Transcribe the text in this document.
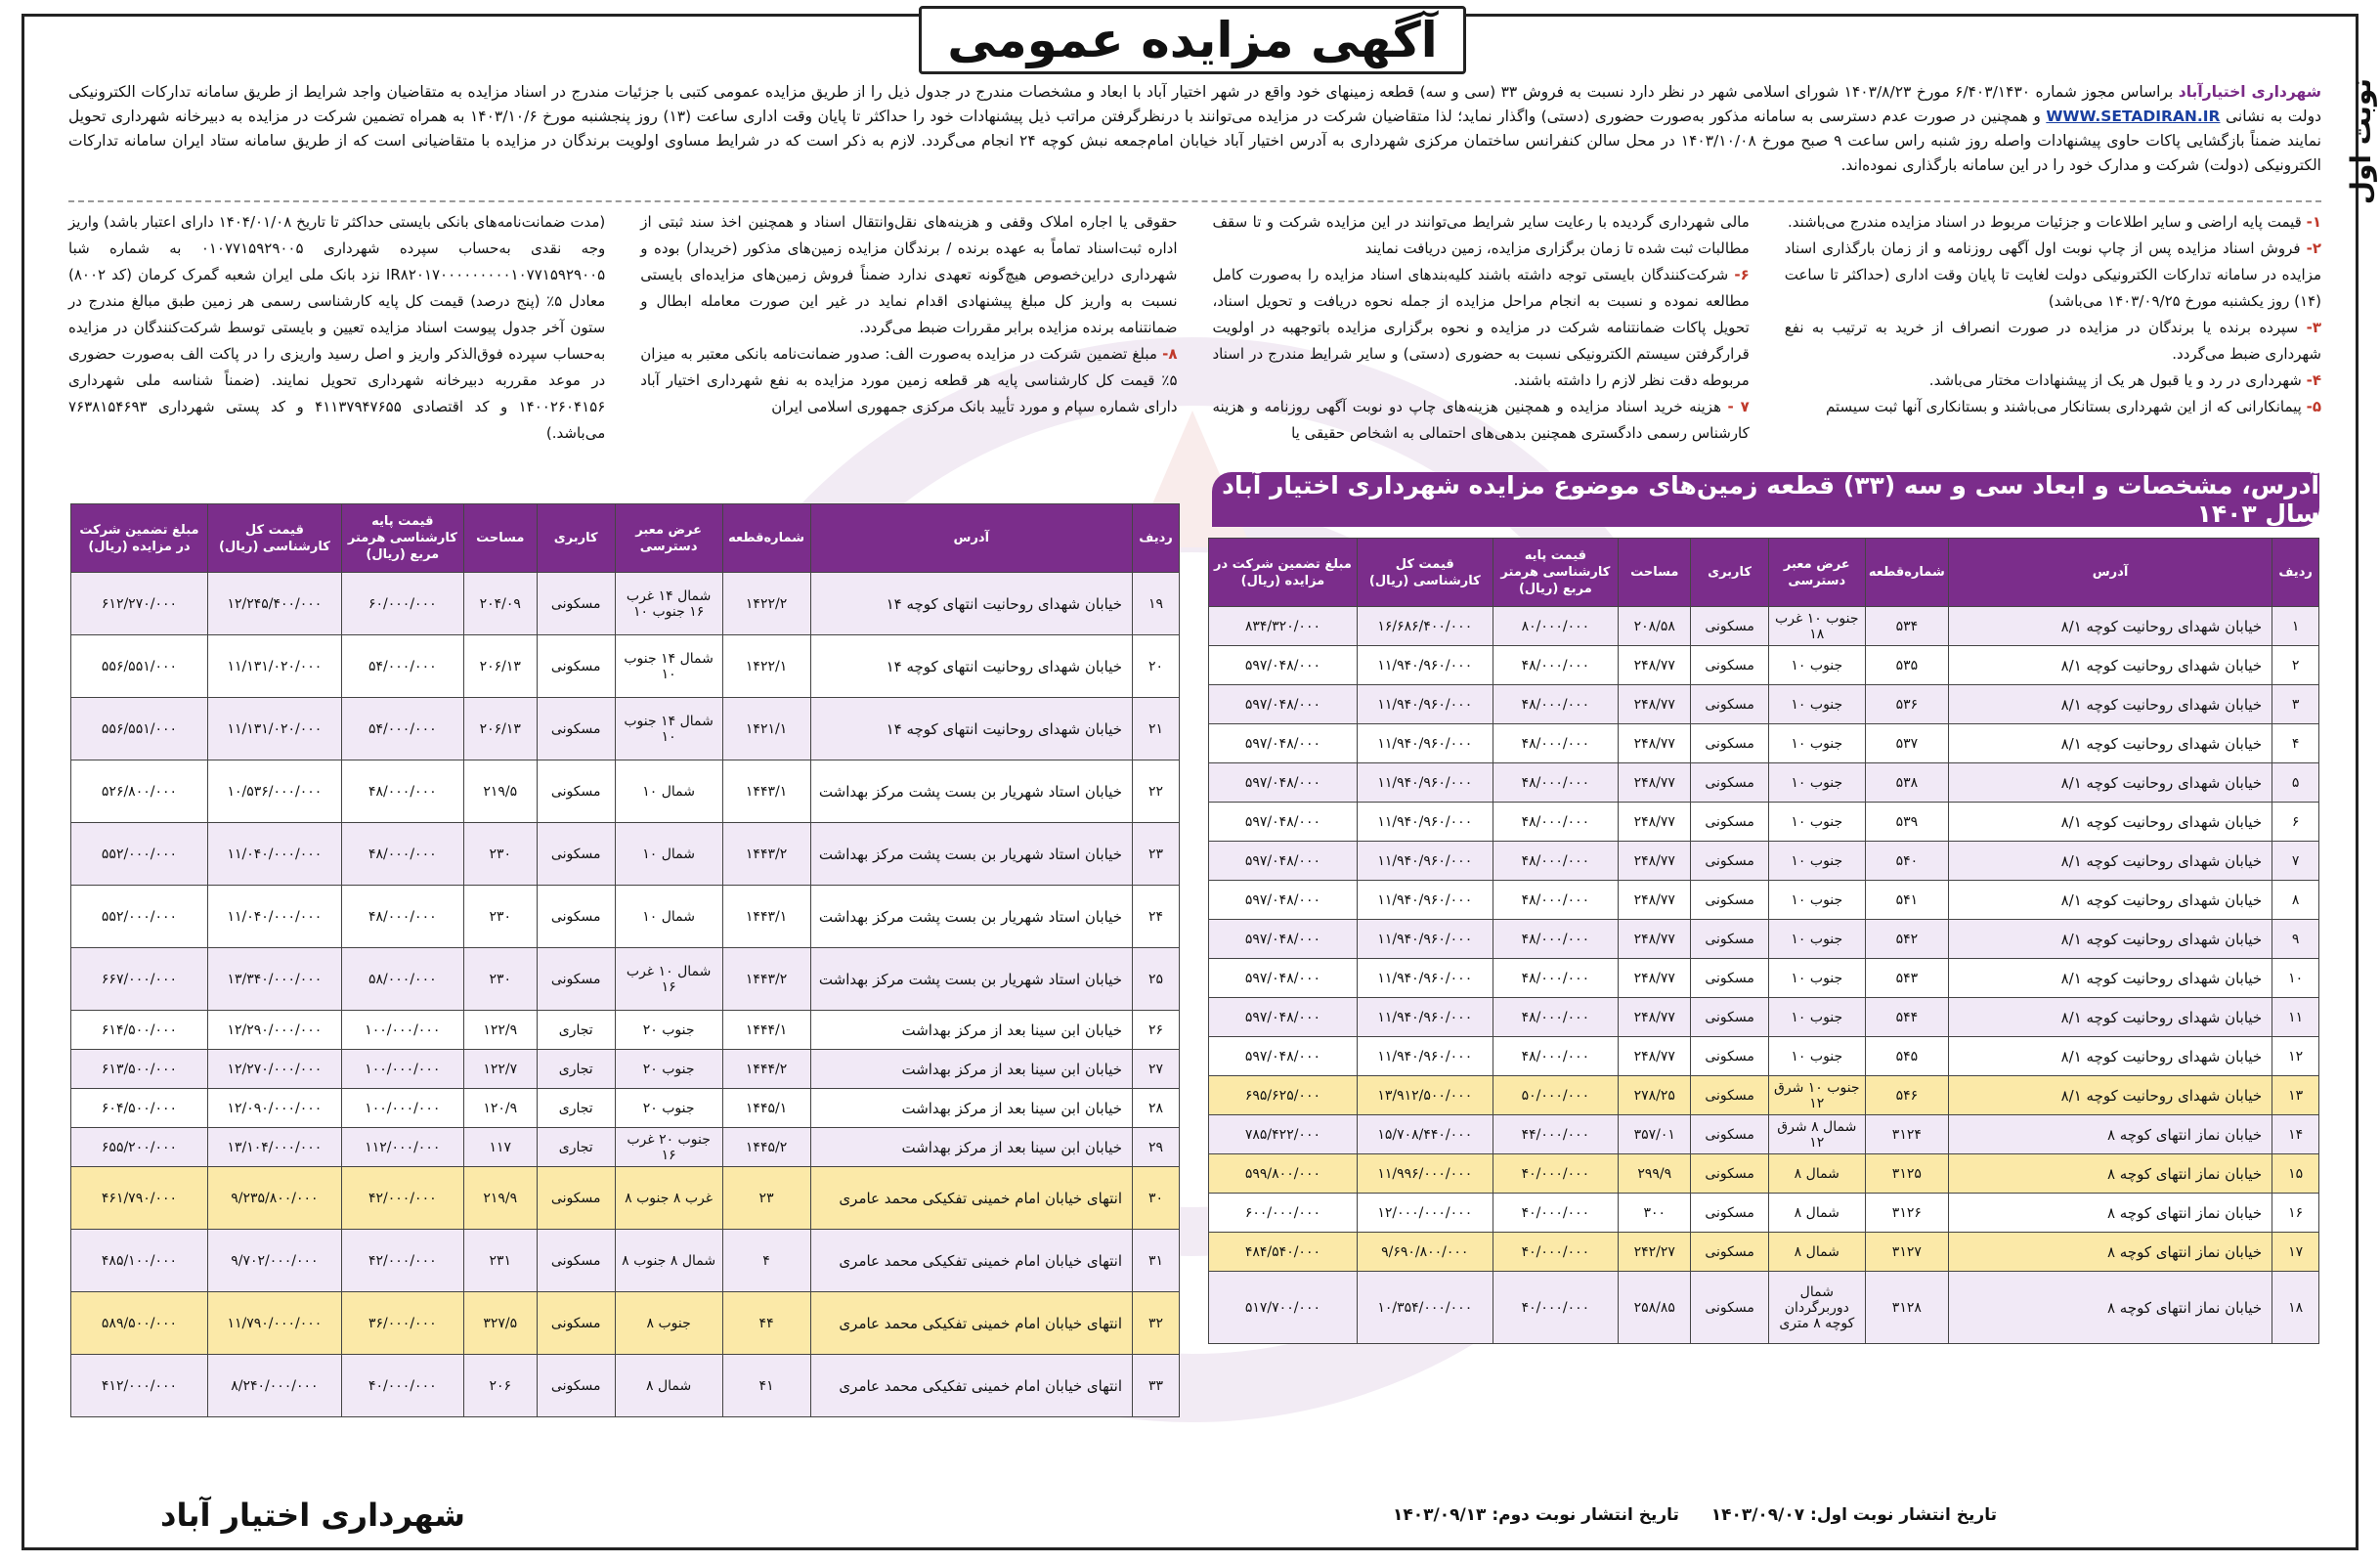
آگهی مزایده عمومی
نوبت اول
شهرداری اختیارآباد براساس مجوز شماره ۶/۴۰۳/۱۴۳۰ مورخ ۱۴۰۳/۸/۲۳ شورای اسلامی شهر در نظر دارد نسبت به فروش ۳۳ (سی و سه) قطعه زمینهای خود واقع در شهر اختیار آباد با ابعاد و مشخصات مندرج در جدول ذیل را از طریق مزایده عمومی کتبی با جزئیات مندرج در اسناد مزایده به متقاضیان واجد شرایط از طریق سامانه تدارکات الکترونیکی دولت به نشانی WWW.SETADIRAN.IR و همچنین در صورت عدم دسترسی به سامانه مذکور به‌صورت حضوری (دستی) واگذار نماید؛ لذا متقاضیان شرکت در مزایده می‌توانند با درنظرگرفتن مراتب ذیل پیشنهادات خود را حداکثر تا پایان وقت اداری ساعت (۱۳) روز پنجشنبه مورخ ۱۴۰۳/۱۰/۶ به همراه تضمین شرکت در مزایده به دبیرخانه شهرداری تحویل نمایند ضمناً بازگشایی پاکات حاوی پیشنهادات واصله روز شنبه راس ساعت ۹ صبح مورخ ۱۴۰۳/۱۰/۰۸ در محل سالن کنفرانس ساختمان مرکزی شهرداری به آدرس اختیار آباد خیابان امام‌جمعه نبش کوچه ۲۴ انجام می‌گردد. لازم به ذکر است که در شرایط مساوی اولویت برندگان در مزایده با متقاضیانی است که از طریق سامانه ستاد ایران سامانه تدارکات الکترونیکی (دولت) شرکت و مدارک خود را در این سامانه بارگذاری نموده‌اند.
۱- قیمت پایه اراضی و سایر اطلاعات و جزئیات مربوط در اسناد مزایده مندرج می‌باشند.
۲- فروش اسناد مزایده پس از چاپ نوبت اول آگهی روزنامه و از زمان بارگذاری اسناد مزایده در سامانه تدارکات الکترونیکی دولت لغایت تا پایان وقت اداری (حداکثر تا ساعت (۱۴) روز یکشنبه مورخ ۱۴۰۳/۰۹/۲۵ می‌باشد)
۳- سپرده برنده یا برندگان در مزایده در صورت انصراف از خرید به ترتیب به نفع شهرداری ضبط می‌گردد.
۴- شهرداری در رد و یا قبول هر یک از پیشنهادات مختار می‌باشد.
۵- پیمانکارانی که از این شهرداری بستانکار می‌باشند و بستانکاری آنها ثبت سیستم
مالی شهرداری گردیده با رعایت سایر شرایط می‌توانند در این مزایده شرکت و تا سقف مطالبات ثبت شده تا زمان برگزاری مزایده، زمین دریافت نمایند
۶- شرکت‌کنندگان بایستی توجه داشته باشند کلیه‌بندهای اسناد مزایده را به‌صورت کامل مطالعه نموده و نسبت به انجام مراحل مزایده از جمله نحوه دریافت و تحویل اسناد، تحویل پاکات ضمانتنامه شرکت در مزایده و نحوه برگزاری مزایده باتوجهبه در اولویت قرارگرفتن سیستم الکترونیکی نسبت به حضوری (دستی) و سایر شرایط مندرج در اسناد مربوطه دقت نظر لازم را داشته باشند.
۷ - هزینه خرید اسناد مزایده و همچنین هزینه‌های چاپ دو نوبت آگهی روزنامه و هزینه کارشناس رسمی دادگستری همچنین بدهی‌های احتمالی به اشخاص حقیقی یا
حقوقی یا اجاره املاک وقفی و هزینه‌های نقل‌وانتقال اسناد و همچنین اخذ سند ثبتی از اداره ثبت‌اسناد تماماً به عهده برنده / برندگان مزایده زمین‌های مذکور (خریدار) بوده و شهرداری دراین‌خصوص هیچ‌گونه تعهدی ندارد ضمناً فروش زمین‌های مزایده‌ای بایستی نسبت به واریز کل مبلغ پیشنهادی اقدام نماید در غیر این صورت معامله ابطال و ضمانتنامه برنده مزایده برابر مقررات ضبط می‌گردد.
۸- مبلغ تضمین شرکت در مزایده به‌صورت الف: صدور ضمانت‌نامه بانکی معتبر به میزان ۵٪ قیمت کل کارشناسی پایه هر قطعه زمین مورد مزایده به نفع شهرداری اختیار آباد دارای شماره سپام و مورد تأیید بانک مرکزی جمهوری اسلامی ایران
(مدت ضمانت‌نامه‌های بانکی بایستی حداکثر تا تاریخ ۱۴۰۴/۰۱/۰۸ دارای اعتبار باشد) واریز وجه نقدی به‌حساب سپرده شهرداری ۰۱۰۷۷۱۵۹۲۹۰۰۵ به شماره شبا IR۸۲۰۱۷۰۰۰۰۰۰۰۰۰۱۰۷۷۱۵۹۲۹۰۰۵ نزد بانک ملی ایران شعبه گمرک کرمان (کد ۸۰۰۲) معادل ۵٪ (پنج درصد) قیمت کل پایه کارشناسی رسمی هر زمین طبق مبالغ مندرج در ستون آخر جدول پیوست اسناد مزایده تعیین و بایستی توسط شرکت‌کنندگان در مزایده به‌حساب سپرده فوق‌الذکر واریز و اصل رسید واریزی را در پاکت الف به‌صورت حضوری در موعد مقرربه دبیرخانه شهرداری تحویل نمایند. (ضمناً شناسه ملی شهرداری ۱۴۰۰۲۶۰۴۱۵۶ و کد اقتصادی ۴۱۱۳۷۹۴۷۶۵۵ و کد پستی شهرداری ۷۶۳۸۱۵۴۶۹۳ می‌باشد.)
آدرس، مشخصات و ابعاد سی و سه (۳۳) قطعه زمین‌های موضوع مزایده شهرداری اختیار آباد سال ۱۴۰۳
ردیف	آدرس	شماره‌قطعه	عرض معبر دسترسی	کاربری	مساحت	قیمت پایه کارشناسی هرمتر مربع (ریال)	قیمت کل کارشناسی (ریال)	مبلغ تضمین شرکت در مزایده (ریال)
۱	خیابان شهدای روحانیت کوچه ۸/۱	۵۳۴	جنوب ۱۰ غرب ۱۸	مسکونی	۲۰۸/۵۸	۸۰/۰۰۰/۰۰۰	۱۶/۶۸۶/۴۰۰/۰۰۰	۸۳۴/۳۲۰/۰۰۰
۲	خیابان شهدای روحانیت کوچه ۸/۱	۵۳۵	جنوب ۱۰	مسکونی	۲۴۸/۷۷	۴۸/۰۰۰/۰۰۰	۱۱/۹۴۰/۹۶۰/۰۰۰	۵۹۷/۰۴۸/۰۰۰
۳	خیابان شهدای روحانیت کوچه ۸/۱	۵۳۶	جنوب ۱۰	مسکونی	۲۴۸/۷۷	۴۸/۰۰۰/۰۰۰	۱۱/۹۴۰/۹۶۰/۰۰۰	۵۹۷/۰۴۸/۰۰۰
۴	خیابان شهدای روحانیت کوچه ۸/۱	۵۳۷	جنوب ۱۰	مسکونی	۲۴۸/۷۷	۴۸/۰۰۰/۰۰۰	۱۱/۹۴۰/۹۶۰/۰۰۰	۵۹۷/۰۴۸/۰۰۰
۵	خیابان شهدای روحانیت کوچه ۸/۱	۵۳۸	جنوب ۱۰	مسکونی	۲۴۸/۷۷	۴۸/۰۰۰/۰۰۰	۱۱/۹۴۰/۹۶۰/۰۰۰	۵۹۷/۰۴۸/۰۰۰
۶	خیابان شهدای روحانیت کوچه ۸/۱	۵۳۹	جنوب ۱۰	مسکونی	۲۴۸/۷۷	۴۸/۰۰۰/۰۰۰	۱۱/۹۴۰/۹۶۰/۰۰۰	۵۹۷/۰۴۸/۰۰۰
۷	خیابان شهدای روحانیت کوچه ۸/۱	۵۴۰	جنوب ۱۰	مسکونی	۲۴۸/۷۷	۴۸/۰۰۰/۰۰۰	۱۱/۹۴۰/۹۶۰/۰۰۰	۵۹۷/۰۴۸/۰۰۰
۸	خیابان شهدای روحانیت کوچه ۸/۱	۵۴۱	جنوب ۱۰	مسکونی	۲۴۸/۷۷	۴۸/۰۰۰/۰۰۰	۱۱/۹۴۰/۹۶۰/۰۰۰	۵۹۷/۰۴۸/۰۰۰
۹	خیابان شهدای روحانیت کوچه ۸/۱	۵۴۲	جنوب ۱۰	مسکونی	۲۴۸/۷۷	۴۸/۰۰۰/۰۰۰	۱۱/۹۴۰/۹۶۰/۰۰۰	۵۹۷/۰۴۸/۰۰۰
۱۰	خیابان شهدای روحانیت کوچه ۸/۱	۵۴۳	جنوب ۱۰	مسکونی	۲۴۸/۷۷	۴۸/۰۰۰/۰۰۰	۱۱/۹۴۰/۹۶۰/۰۰۰	۵۹۷/۰۴۸/۰۰۰
۱۱	خیابان شهدای روحانیت کوچه ۸/۱	۵۴۴	جنوب ۱۰	مسکونی	۲۴۸/۷۷	۴۸/۰۰۰/۰۰۰	۱۱/۹۴۰/۹۶۰/۰۰۰	۵۹۷/۰۴۸/۰۰۰
۱۲	خیابان شهدای روحانیت کوچه ۸/۱	۵۴۵	جنوب ۱۰	مسکونی	۲۴۸/۷۷	۴۸/۰۰۰/۰۰۰	۱۱/۹۴۰/۹۶۰/۰۰۰	۵۹۷/۰۴۸/۰۰۰
۱۳	خیابان شهدای روحانیت کوچه ۸/۱	۵۴۶	جنوب ۱۰ شرق ۱۲	مسکونی	۲۷۸/۲۵	۵۰/۰۰۰/۰۰۰	۱۳/۹۱۲/۵۰۰/۰۰۰	۶۹۵/۶۲۵/۰۰۰
۱۴	خیابان نماز انتهای کوچه ۸	۳۱۲۴	شمال ۸ شرق ۱۲	مسکونی	۳۵۷/۰۱	۴۴/۰۰۰/۰۰۰	۱۵/۷۰۸/۴۴۰/۰۰۰	۷۸۵/۴۲۲/۰۰۰
۱۵	خیابان نماز انتهای کوچه ۸	۳۱۲۵	شمال ۸	مسکونی	۲۹۹/۹	۴۰/۰۰۰/۰۰۰	۱۱/۹۹۶/۰۰۰/۰۰۰	۵۹۹/۸۰۰/۰۰۰
۱۶	خیابان نماز انتهای کوچه ۸	۳۱۲۶	شمال ۸	مسکونی	۳۰۰	۴۰/۰۰۰/۰۰۰	۱۲/۰۰۰/۰۰۰/۰۰۰	۶۰۰/۰۰۰/۰۰۰
۱۷	خیابان نماز انتهای کوچه ۸	۳۱۲۷	شمال ۸	مسکونی	۲۴۲/۲۷	۴۰/۰۰۰/۰۰۰	۹/۶۹۰/۸۰۰/۰۰۰	۴۸۴/۵۴۰/۰۰۰
۱۸	خیابان نماز انتهای کوچه ۸	۳۱۲۸	شمال دوربرگردان کوچه ۸ متری	مسکونی	۲۵۸/۸۵	۴۰/۰۰۰/۰۰۰	۱۰/۳۵۴/۰۰۰/۰۰۰	۵۱۷/۷۰۰/۰۰۰
ردیف	آدرس	شماره‌قطعه	عرض معبر دسترسی	کاربری	مساحت	قیمت پایه کارشناسی هرمتر مربع (ریال)	قیمت کل کارشناسی (ریال)	مبلغ تضمین شرکت در مزایده (ریال)
۱۹	خیابان شهدای روحانیت انتهای کوچه ۱۴	۱۴۲۲/۲	شمال ۱۴ غرب ۱۶ جنوب ۱۰	مسکونی	۲۰۴/۰۹	۶۰/۰۰۰/۰۰۰	۱۲/۲۴۵/۴۰۰/۰۰۰	۶۱۲/۲۷۰/۰۰۰
۲۰	خیابان شهدای روحانیت انتهای کوچه ۱۴	۱۴۲۲/۱	شمال ۱۴ جنوب ۱۰	مسکونی	۲۰۶/۱۳	۵۴/۰۰۰/۰۰۰	۱۱/۱۳۱/۰۲۰/۰۰۰	۵۵۶/۵۵۱/۰۰۰
۲۱	خیابان شهدای روحانیت انتهای کوچه ۱۴	۱۴۲۱/۱	شمال ۱۴ جنوب ۱۰	مسکونی	۲۰۶/۱۳	۵۴/۰۰۰/۰۰۰	۱۱/۱۳۱/۰۲۰/۰۰۰	۵۵۶/۵۵۱/۰۰۰
۲۲	خیابان استاد شهریار بن بست پشت مرکز بهداشت	۱۴۴۳/۱	شمال ۱۰	مسکونی	۲۱۹/۵	۴۸/۰۰۰/۰۰۰	۱۰/۵۳۶/۰۰۰/۰۰۰	۵۲۶/۸۰۰/۰۰۰
۲۳	خیابان استاد شهریار بن بست پشت مرکز بهداشت	۱۴۴۳/۲	شمال ۱۰	مسکونی	۲۳۰	۴۸/۰۰۰/۰۰۰	۱۱/۰۴۰/۰۰۰/۰۰۰	۵۵۲/۰۰۰/۰۰۰
۲۴	خیابان استاد شهریار بن بست پشت مرکز بهداشت	۱۴۴۳/۱	شمال ۱۰	مسکونی	۲۳۰	۴۸/۰۰۰/۰۰۰	۱۱/۰۴۰/۰۰۰/۰۰۰	۵۵۲/۰۰۰/۰۰۰
۲۵	خیابان استاد شهریار بن بست پشت مرکز بهداشت	۱۴۴۳/۲	شمال ۱۰ غرب ۱۶	مسکونی	۲۳۰	۵۸/۰۰۰/۰۰۰	۱۳/۳۴۰/۰۰۰/۰۰۰	۶۶۷/۰۰۰/۰۰۰
۲۶	خیابان ابن سینا بعد از مرکز بهداشت	۱۴۴۴/۱	جنوب ۲۰	تجاری	۱۲۲/۹	۱۰۰/۰۰۰/۰۰۰	۱۲/۲۹۰/۰۰۰/۰۰۰	۶۱۴/۵۰۰/۰۰۰
۲۷	خیابان ابن سینا بعد از مرکز بهداشت	۱۴۴۴/۲	جنوب ۲۰	تجاری	۱۲۲/۷	۱۰۰/۰۰۰/۰۰۰	۱۲/۲۷۰/۰۰۰/۰۰۰	۶۱۳/۵۰۰/۰۰۰
۲۸	خیابان ابن سینا بعد از مرکز بهداشت	۱۴۴۵/۱	جنوب ۲۰	تجاری	۱۲۰/۹	۱۰۰/۰۰۰/۰۰۰	۱۲/۰۹۰/۰۰۰/۰۰۰	۶۰۴/۵۰۰/۰۰۰
۲۹	خیابان ابن سینا بعد از مرکز بهداشت	۱۴۴۵/۲	جنوب ۲۰ غرب ۱۶	تجاری	۱۱۷	۱۱۲/۰۰۰/۰۰۰	۱۳/۱۰۴/۰۰۰/۰۰۰	۶۵۵/۲۰۰/۰۰۰
۳۰	انتهای خیابان امام خمینی تفکیکی محمد عامری	۲۳	غرب ۸ جنوب ۸	مسکونی	۲۱۹/۹	۴۲/۰۰۰/۰۰۰	۹/۲۳۵/۸۰۰/۰۰۰	۴۶۱/۷۹۰/۰۰۰
۳۱	انتهای خیابان امام خمینی تفکیکی محمد عامری	۴	شمال ۸ جنوب ۸	مسکونی	۲۳۱	۴۲/۰۰۰/۰۰۰	۹/۷۰۲/۰۰۰/۰۰۰	۴۸۵/۱۰۰/۰۰۰
۳۲	انتهای خیابان امام خمینی تفکیکی محمد عامری	۴۴	جنوب ۸	مسکونی	۳۲۷/۵	۳۶/۰۰۰/۰۰۰	۱۱/۷۹۰/۰۰۰/۰۰۰	۵۸۹/۵۰۰/۰۰۰
۳۳	انتهای خیابان امام خمینی تفکیکی محمد عامری	۴۱	شمال ۸	مسکونی	۲۰۶	۴۰/۰۰۰/۰۰۰	۸/۲۴۰/۰۰۰/۰۰۰	۴۱۲/۰۰۰/۰۰۰
تاریخ انتشار نوبت اول: ۱۴۰۳/۰۹/۰۷
تاریخ انتشار نوبت دوم: ۱۴۰۳/۰۹/۱۳
شهرداری اختیار آباد
